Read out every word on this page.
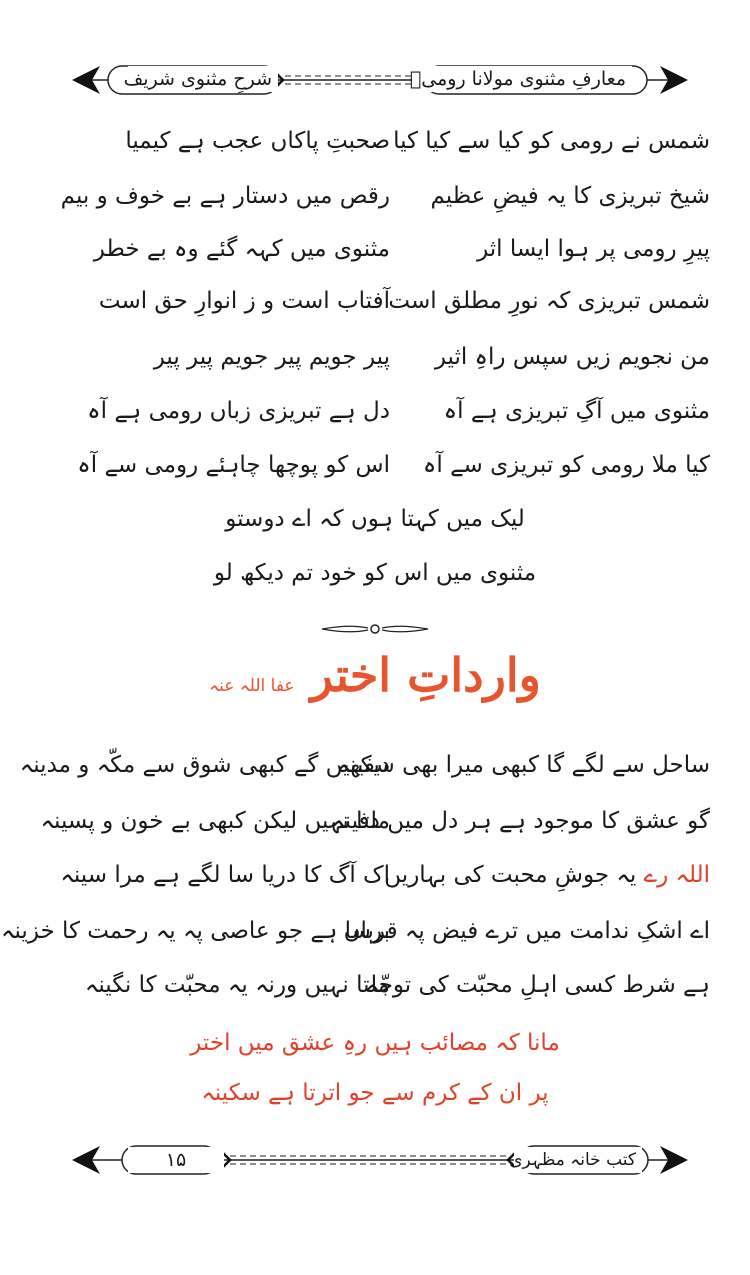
شرحِ مثنوی شریف	معارفِ مثنوی مولانا رومیؒ
شمس نے رومی کو کیا سے کیا کیا
صحبتِ پاکاں عجب ہے کیمیا
شیخ تبریزی کا یہ فیضِ عظیم
رقص میں دستار ہے بے خوف و بیم
پیرِ رومی پر ہوا ایسا اثر
مثنوی میں کہہ گئے وہ بے خطر
شمس تبریزی کہ نورِ مطلق است
آفتاب است و ز انوارِ حق است
من نجویم زیں سپس راہِ اثیر
پیر جویم پیر جویم پیر پیر
مثنوی میں آگِ تبریزی ہے آہ
دل ہے تبریزی زباں رومی ہے آہ
کیا ملا رومی کو تبریزی سے آہ
اس کو پوچھا چاہئے رومی سے آہ
لیک میں کہتا ہوں کہ اے دوستو
مثنوی میں اس کو خود تم دیکھ لو
وارداتِ اختر عفا اللہ عنہ
ساحل سے لگے گا کبھی میرا بھی سفینہ
دیکھیں گے کبھی شوق سے مکّہ و مدینہ
گو عشق کا موجود ہے ہر دل میں دفینہ
ملتا نہیں لیکن کبھی بے خون و پسینہ
اللہ رے یہ جوشِ محبت کی بہاریں
اک آگ کا دریا سا لگے ہے مرا سینہ
اے اشکِ ندامت میں ترے فیض پہ قرباں
برسا ہے جو عاصی پہ یہ رحمت کا خزینہ
ہے شرط کسی اہلِ محبّت کی توجّہ
ملتا نہیں ورنہ یہ محبّت کا نگینہ
مانا کہ مصائب ہیں رہِ عشق میں اختر
پر ان کے کرم سے جو اترتا ہے سکینہ
۱۵	کتب خانہ مظہری
